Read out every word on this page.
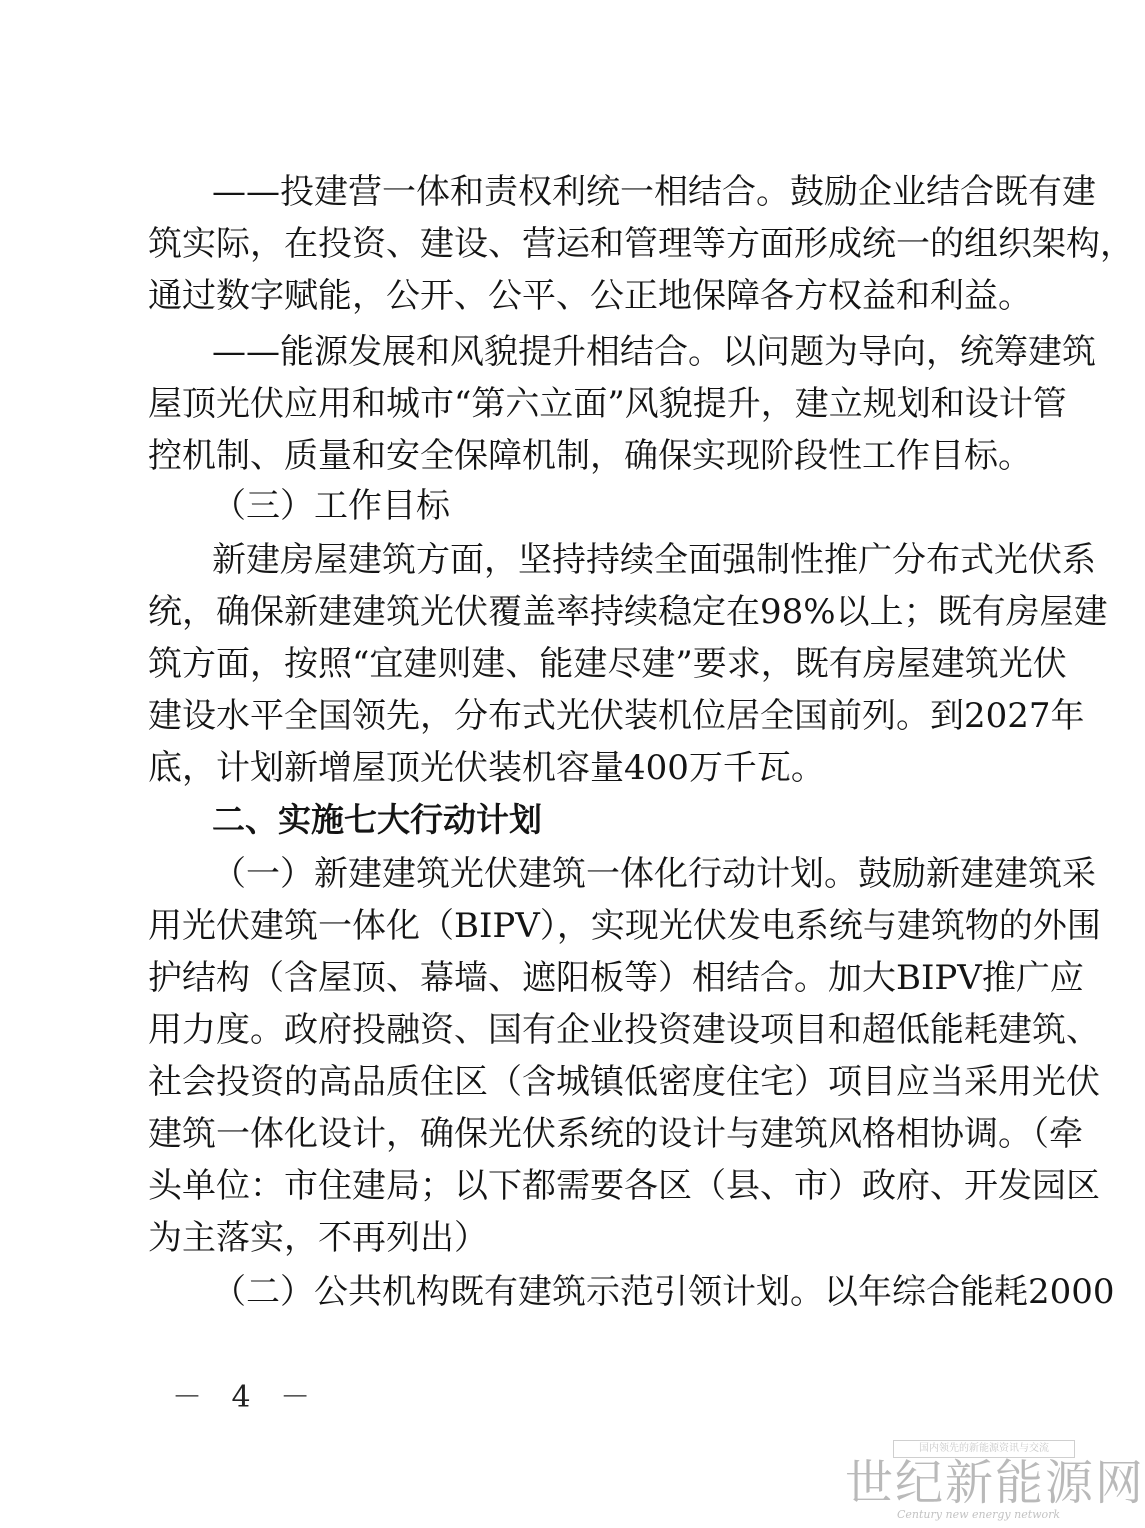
——投建营一体和责权利统一相结合。鼓励企业结合既有建
筑实际，在投资、建设、营运和管理等方面形成统一的组织架构，
通过数字赋能，公开、公平、公正地保障各方权益和利益。
——能源发展和风貌提升相结合。以问题为导向，统筹建筑
屋顶光伏应用和城市“第六立面”风貌提升，建立规划和设计管
控机制、质量和安全保障机制，确保实现阶段性工作目标。
（三）工作目标
新建房屋建筑方面，坚持持续全面强制性推广分布式光伏系
统，确保新建建筑光伏覆盖率持续稳定在98%以上；既有房屋建
筑方面，按照“宜建则建、能建尽建”要求，既有房屋建筑光伏
建设水平全国领先，分布式光伏装机位居全国前列。到2027年
底，计划新增屋顶光伏装机容量400万千瓦。
二、实施七大行动计划
（一）新建建筑光伏建筑一体化行动计划。鼓励新建建筑采
用光伏建筑一体化（BIPV），实现光伏发电系统与建筑物的外围
护结构（含屋顶、幕墙、遮阳板等）相结合。加大BIPV推广应
用力度。政府投融资、国有企业投资建设项目和超低能耗建筑、
社会投资的高品质住区（含城镇低密度住宅）项目应当采用光伏
建筑一体化设计，确保光伏系统的设计与建筑风格相协调。（牵
头单位：市住建局；以下都需要各区（县、市）政府、开发园区
为主落实，不再列出）
（二）公共机构既有建筑示范引领计划。以年综合能耗2000
－ 4 －
国内领先的新能源资讯与交流
世纪新能源网
Century new energy network
